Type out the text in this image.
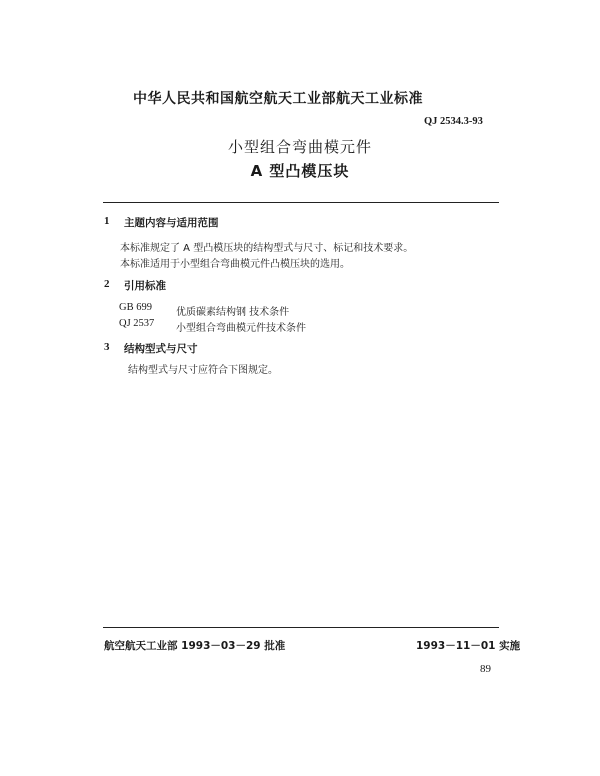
中华人民共和国航空航天工业部航天工业标准
QJ 2534.3-93
小型组合弯曲模元件
A 型凸模压块
1 主题内容与适用范围
本标准规定了 A 型凸模压块的结构型式与尺寸、标记和技术要求。
本标准适用于小型组合弯曲模元件凸模压块的选用。
2 引用标准
GB 699 优质碳素结构钢 技术条件
QJ 2537 小型组合弯曲模元件技术条件
3 结构型式与尺寸
结构型式与尺寸应符合下图规定。
航空航天工业部 1993－03－29 批准	1993－11－01 实施
89
